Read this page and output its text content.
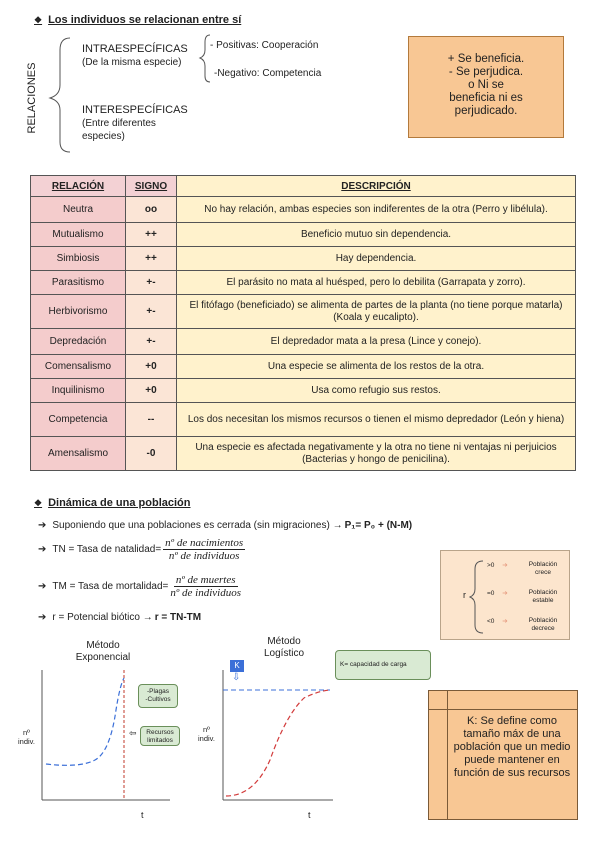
❖ Los individuos se relacionan entre sí
RELACIONES
INTRAESPECÍFICAS
(De la misma especie)
- Positivas: Cooperación
-Negativo: Competencia
INTERESPECÍFICAS
(Entre diferentes
especies)
+ Se beneficia.
- Se perjudica.
o Ni se
beneficia ni es
perjudicado.
RELACIÓN	SIGNO	DESCRIPCIÓN
Neutra	oo	No hay relación, ambas especies son indiferentes de la otra (Perro y libélula).
Mutualismo	++	Beneficio mutuo sin dependencia.
Simbiosis	++	Hay dependencia.
Parasitismo	+-	El parásito no mata al huésped, pero lo debilita (Garrapata y zorro).
Herbivorismo	+-	El fitófago (beneficiado) se alimenta de partes de la planta (no tiene porque matarla) (Koala y eucalipto).
Depredación	+-	El depredador mata a la presa (Lince y conejo).
Comensalismo	+0	Una especie se alimenta de los restos de la otra.
Inquilinismo	+0	Usa como refugio sus restos.
Competencia	--	Los dos necesitan los mismos recursos o tienen el mismo depredador (León y hiena)
Amensalismo	-0	Una especie es afectada negativamente y la otra no tiene ni ventajas ni perjuicios (Bacterias y hongo de penicilina).
❖ Dinámica de una población
➔ Suponiendo que una poblaciones es cerrada (sin migraciones) → P₁= P₀ + (N-M)
➔ TN = Tasa de natalidad= $\frac{\text{nº de nacimientos}}{\text{nº de individuos}}$
➔ TM = Tasa de mortalidad= $\frac{\text{nº de muertes}}{\text{nº de individuos}}$
➔ r = Potencial biótico → r = TN-TM
r
>0 ➔	Población
crece
=0 ➔	Población
estable
<0 ➔	Población
decrece
Método
Exponencial
Método
Logístico
nº
indiv.
nº
indiv.
t	t
-Plagas
-Cultivos
⇦	Recursos
limitados
K
⇩
K= capacidad de carga
K: Se define como tamaño máx de una población que un medio puede mantener en función de sus recursos
